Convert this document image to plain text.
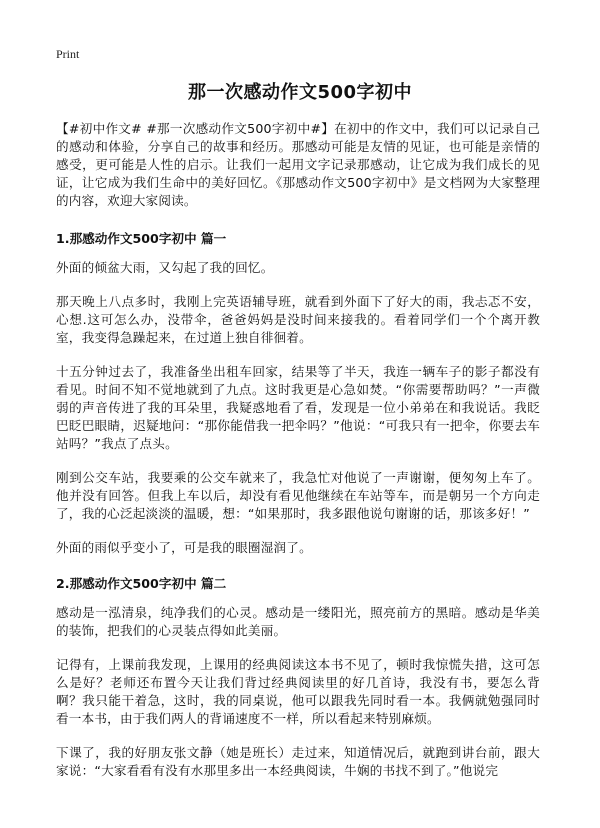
Print
那一次感动作文500字初中

【#初中作文# #那一次感动作文500字初中#】在初中的作文中，我们可以记录自己的感动和体验，分享自己的故事和经历。那感动可能是友情的见证，也可能是亲情的感受，更可能是人性的启示。让我们一起用文字记录那感动，让它成为我们成长的见证，让它成为我们生命中的美好回忆。《那感动作文500字初中》是文档网为大家整理的内容，欢迎大家阅读。

1.那感动作文500字初中 篇一

外面的倾盆大雨，又勾起了我的回忆。

那天晚上八点多时，我刚上完英语辅导班，就看到外面下了好大的雨，我忐忑不安，心想.这可怎么办，没带伞，爸爸妈妈是没时间来接我的。看着同学们一个个离开教室，我变得急躁起来，在过道上独自徘徊着。

十五分钟过去了，我准备坐出租车回家，结果等了半天，我连一辆车子的影子都没有看见。时间不知不觉地就到了九点。这时我更是心急如焚。“你需要帮助吗？”一声微弱的声音传进了我的耳朵里，我疑惑地看了看，发现是一位小弟弟在和我说话。我眨巴眨巴眼睛，迟疑地问：“那你能借我一把伞吗？”他说：“可我只有一把伞，你要去车站吗？”我点了点头。

刚到公交车站，我要乘的公交车就来了，我急忙对他说了一声谢谢，便匆匆上车了。他并没有回答。但我上车以后，却没有看见他继续在车站等车，而是朝另一个方向走了，我的心泛起淡淡的温暖，想：“如果那时，我多跟他说句谢谢的话，那该多好！”

外面的雨似乎变小了，可是我的眼圈湿润了。

2.那感动作文500字初中 篇二

感动是一泓清泉，纯净我们的心灵。感动是一缕阳光，照亮前方的黑暗。感动是华美的装饰，把我们的心灵装点得如此美丽。

记得有，上课前我发现，上课用的经典阅读这本书不见了，顿时我惊慌失措，这可怎么是好？老师还布置今天让我们背过经典阅读里的好几首诗，我没有书，要怎么背啊？我只能干着急，这时，我的同桌说，他可以跟我先同时看一本。我俩就勉强同时看一本书，由于我们两人的背诵速度不一样，所以看起来特别麻烦。

下课了，我的好朋友张文静（她是班长）走过来，知道情况后，就跑到讲台前，跟大家说：“大家看看有没有水那里多出一本经典阅读，牛娴的书找不到了。”他说完
